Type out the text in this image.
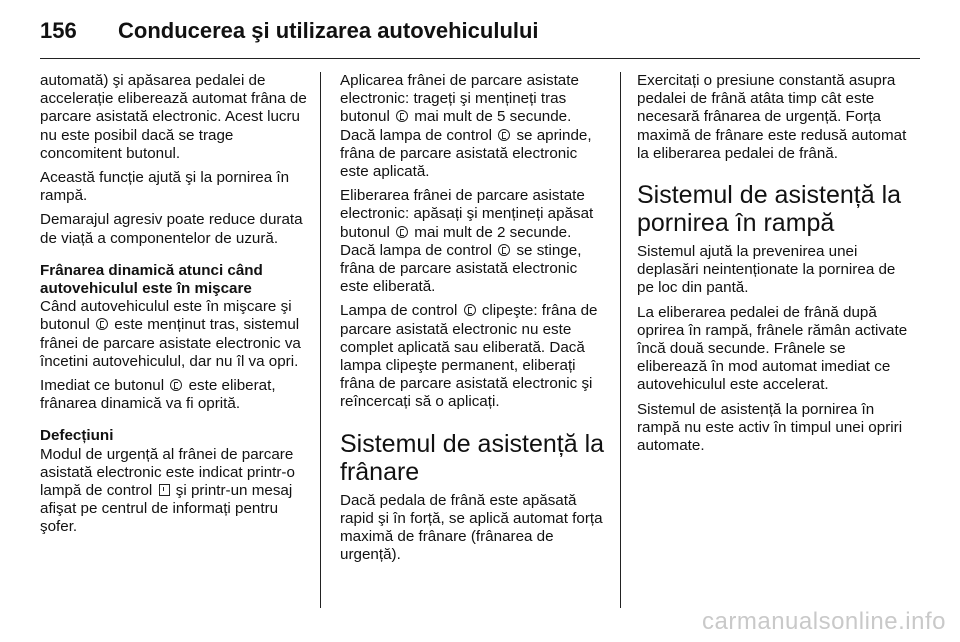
156 Conducerea şi utilizarea autovehiculului

automată) şi apăsarea pedalei de accelerație eliberează automat frâna de parcare asistată electronic. Acest lucru nu este posibil dacă se trage concomitent butonul.

Această funcție ajută şi la pornirea în rampă.

Demarajul agresiv poate reduce durata de viață a componentelor de uzură.

Frânarea dinamică atunci când autovehiculul este în mişcare

Când autovehiculul este în mişcare şi butonul este menținut tras, sistemul frânei de parcare asistate electronic va încetini autovehiculul, dar nu îl va opri.

Imediat ce butonul este eliberat, frânarea dinamică va fi oprită.

Defecțiuni

Modul de urgență al frânei de parcare asistată electronic este indicat printr-o lampă de control şi printr-un mesaj afişat pe centrul de informați pentru şofer.

Aplicarea frânei de parcare asistate electronic: trageți şi mențineți tras butonul mai mult de 5 secunde. Dacă lampa de control se aprinde, frâna de parcare asistată electronic este aplicată.

Eliberarea frânei de parcare asistate electronic: apăsați şi mențineți apăsat butonul mai mult de 2 secunde. Dacă lampa de control se stinge, frâna de parcare asistată electronic este eliberată.

Lampa de control clipeşte: frâna de parcare asistată electronic nu este complet aplicată sau eliberată. Dacă lampa clipeşte permanent, eliberați frâna de parcare asistată electronic şi reîncercați să o aplicați.

Sistemul de asistență la frânare

Dacă pedala de frână este apăsată rapid şi în forță, se aplică automat forța maximă de frânare (frânarea de urgență).

Exercitați o presiune constantă asupra pedalei de frână atâta timp cât este necesară frânarea de urgență. Forța maximă de frânare este redusă automat la eliberarea pedalei de frână.

Sistemul de asistență la pornirea în rampă

Sistemul ajută la prevenirea unei deplasări neintenționate la pornirea de pe loc din pantă.

La eliberarea pedalei de frână după oprirea în rampă, frânele rămân activate încă două secunde. Frânele se eliberează în mod automat imediat ce autovehiculul este accelerat.

Sistemul de asistență la pornirea în rampă nu este activ în timpul unei opriri automate.

carmanualsonline.info
